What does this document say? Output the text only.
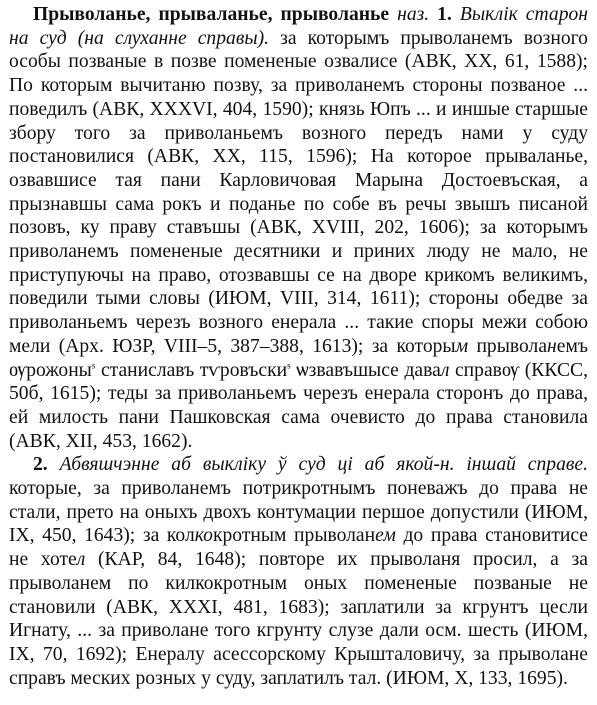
Прыволанье, прываланье, прыволанье наз. 1. Выклік старон на суд (на слуханне справы). за которымъ прыволанемъ возного особы позваные в позве помененые озвалисе (АВК, XX, 61, 1588); По которым вычитаню позву, за приволанемъ стороны позваное ... поведилъ (АВК, XXXVI, 404, 1590); князь Юпъ ... и иншые старшые збору того за приволаньемъ возного передъ нами у суду постановилися (АВК, XX, 115, 1596); На которое прываланье, озвавшисе тая пани Карловичовая Марына Достоевъская, а прызнавшы сама рокъ и поданье по собе въ речы звышъ писаной позовъ, ку праву ставъшы (АВК, XVIII, 202, 1606); за которымъ приволанемъ помененые десятники и приних люду не мало, не приступуючы на право, отозвавшы се на дворе крикомъ великимъ, поведили тыми словы (ИЮМ, VIII, 314, 1611); стороны обедве за приволаньемъ черезъ возного енерала ... такие споры межи собою мели (Арх. ЮЗР, VIII–5, 387–388, 1613); за которым прыволанемъ ѹрожоны$^s$ станиславъ тѵровъски$^s$ ѡзвавъшысе давал справѹ (ККСС, 50б, 1615); теды за приволаньемъ черезъ енерала сторонъ до права, ей милость пани Пашковская сама очевисто до права становила (АВК, XII, 453, 1662).

2. Абвяшчэнне аб выкліку ў суд ці аб якой-н. іншай справе. которые, за приволанемъ потрикротнымъ поневажъ до права не стали, прето на оныхъ двохъ контумации першое допустили (ИЮМ, IX, 450, 1643); за колкокротным прыволанем до права становитисе не хотел (КАР, 84, 1648); повторе их прыволаня просил, а за прыволанем по килкокротным оных помененые позваные не становили (АВК, XXXI, 481, 1683); заплатили за кгрунтъ цесли Игнату, ... за приволане того кгрунту слузе дали осм. шесть (ИЮМ, IX, 70, 1692); Енералу асессорскому Крышталовичу, за прыволане справъ меских розных у суду, заплатилъ тал. (ИЮМ, X, 133, 1695).
